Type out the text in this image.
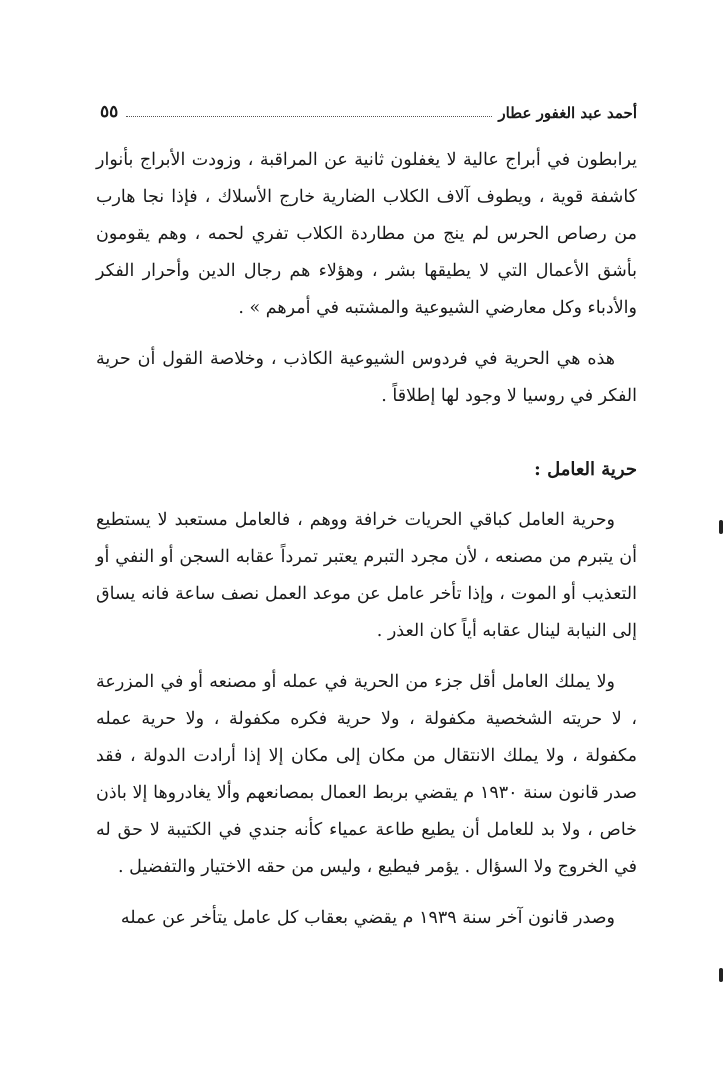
أحمد عبد الغفور عطار
٥٥

يرابطون في أبراج عالية لا يغفلون ثانية عن المراقبة ، وزودت الأبراج بأنوار كاشفة قوية ، ويطوف آلاف الكلاب الضارية خارج الأسلاك ، فإذا نجا هارب من رصاص الحرس لم ينج من مطاردة الكلاب تفري لحمه ، وهم يقومون بأشق الأعمال التي لا يطيقها بشر ، وهؤلاء هم رجال الدين وأحرار الفكر والأدباء وكل معارضي الشيوعية والمشتبه في أمرهم » .

هذه هي الحرية في فردوس الشيوعية الكاذب ، وخلاصة القول أن حرية الفكر في روسيا لا وجود لها إطلاقاً .

حرية العامل :

وحرية العامل كباقي الحريات خرافة ووهم ، فالعامل مستعبد لا يستطيع أن يتبرم من مصنعه ، لأن مجرد التبرم يعتبر تمرداً عقابه السجن أو النفي أو التعذيب أو الموت ، وإذا تأخر عامل عن موعد العمل نصف ساعة فانه يساق إلى النيابة لينال عقابه أياً كان العذر .

ولا يملك العامل أقل جزء من الحرية في عمله أو مصنعه أو في المزرعة ، لا حريته الشخصية مكفولة ، ولا حرية فكره مكفولة ، ولا حرية عمله مكفولة ، ولا يملك الانتقال من مكان إلى مكان إلا إذا أرادت الدولة ، فقد صدر قانون سنة ١٩٣٠ م يقضي بربط العمال بمصانعهم وألا يغادروها إلا باذن خاص ، ولا بد للعامل أن يطيع طاعة عمياء كأنه جندي في الكتيبة لا حق له في الخروج ولا السؤال . يؤمر فيطيع ، وليس من حقه الاختيار والتفضيل .

وصدر قانون آخر سنة ١٩٣٩ م يقضي بعقاب كل عامل يتأخر عن عمله
